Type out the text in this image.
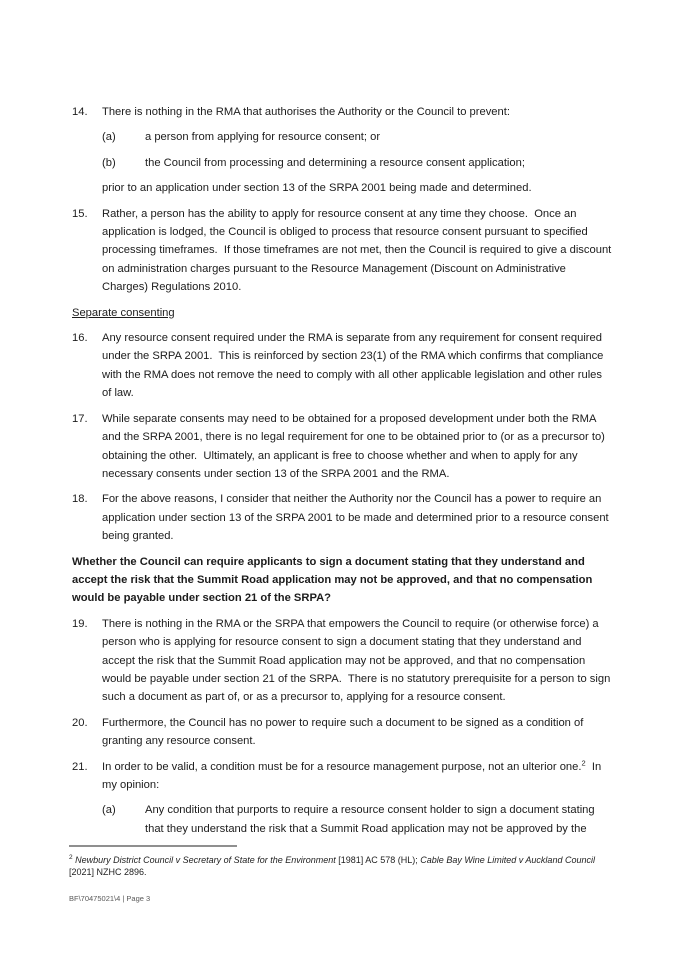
14.	There is nothing in the RMA that authorises the Authority or the Council to prevent:
(a)	a person from applying for resource consent; or
(b)	the Council from processing and determining a resource consent application;
prior to an application under section 13 of the SRPA 2001 being made and determined.
15.	Rather, a person has the ability to apply for resource consent at any time they choose.  Once an application is lodged, the Council is obliged to process that resource consent pursuant to specified processing timeframes.  If those timeframes are not met, then the Council is required to give a discount on administration charges pursuant to the Resource Management (Discount on Administrative Charges) Regulations 2010.
Separate consenting
16.	Any resource consent required under the RMA is separate from any requirement for consent required under the SRPA 2001.  This is reinforced by section 23(1) of the RMA which confirms that compliance with the RMA does not remove the need to comply with all other applicable legislation and other rules of law.
17.	While separate consents may need to be obtained for a proposed development under both the RMA and the SRPA 2001, there is no legal requirement for one to be obtained prior to (or as a precursor to) obtaining the other.  Ultimately, an applicant is free to choose whether and when to apply for any necessary consents under section 13 of the SRPA 2001 and the RMA.
18.	For the above reasons, I consider that neither the Authority nor the Council has a power to require an application under section 13 of the SRPA 2001 to be made and determined prior to a resource consent being granted.
Whether the Council can require applicants to sign a document stating that they understand and accept the risk that the Summit Road application may not be approved, and that no compensation would be payable under section 21 of the SRPA?
19.	There is nothing in the RMA or the SRPA that empowers the Council to require (or otherwise force) a person who is applying for resource consent to sign a document stating that they understand and accept the risk that the Summit Road application may not be approved, and that no compensation would be payable under section 21 of the SRPA.  There is no statutory prerequisite for a person to sign such a document as part of, or as a precursor to, applying for a resource consent.
20.	Furthermore, the Council has no power to require such a document to be signed as a condition of granting any resource consent.
21.	In order to be valid, a condition must be for a resource management purpose, not an ulterior one.$^2$  In my opinion:
(a)	Any condition that purports to require a resource consent holder to sign a document stating that they understand the risk that a Summit Road application may not be approved by the

$^2$ Newbury District Council v Secretary of State for the Environment [1981] AC 578 (HL); Cable Bay Wine Limited v Auckland Council [2021] NZHC 2896.

BF\70475021\4 | Page 3
